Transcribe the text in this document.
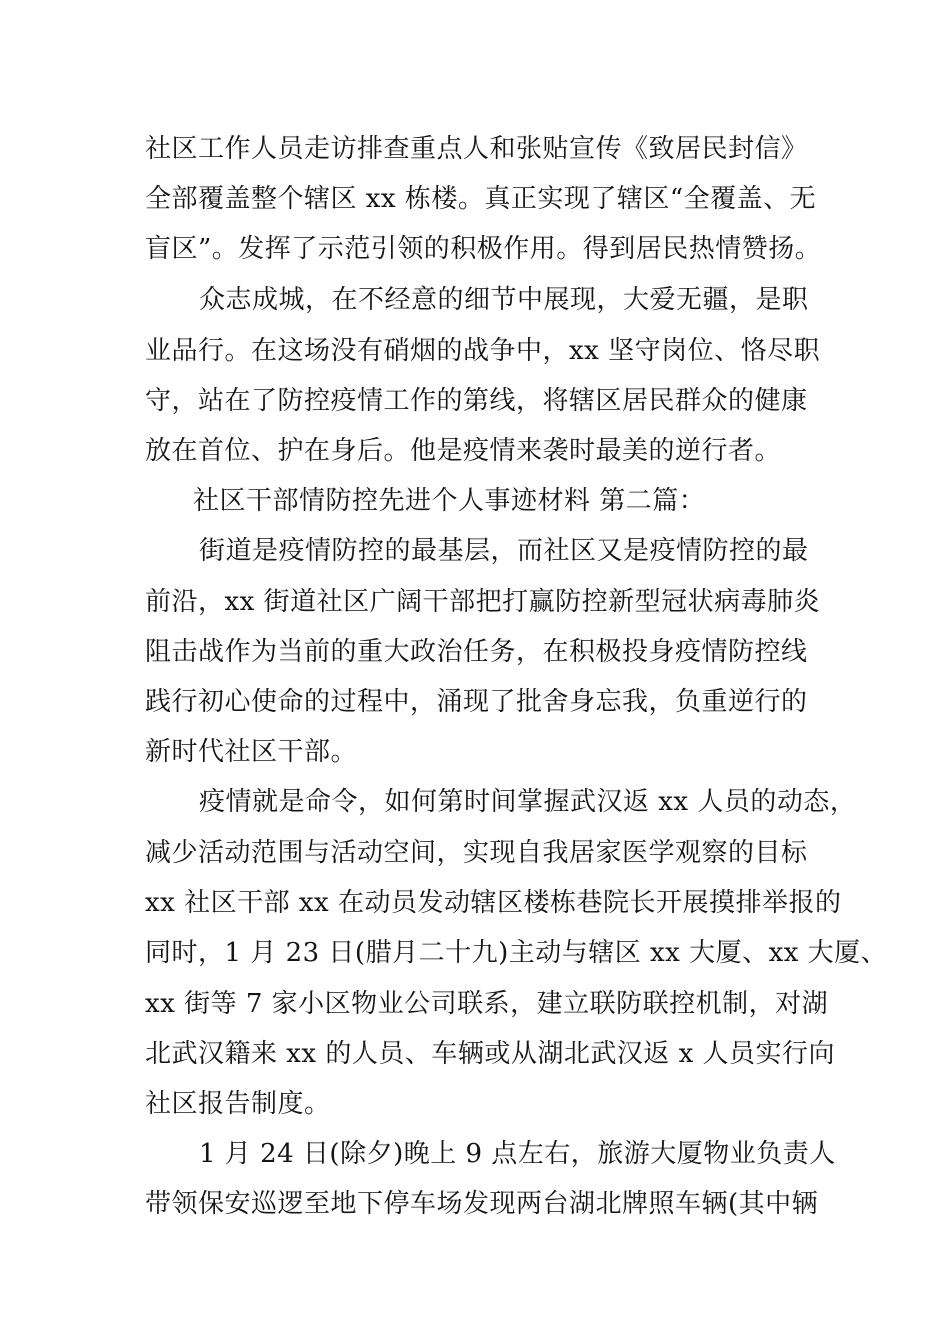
社区工作人员走访排查重点人和张贴宣传《致居民封信》
全部覆盖整个辖区 xx 栋楼。真正实现了辖区“全覆盖、无
盲区”。发挥了示范引领的积极作用。得到居民热情赞扬。
众志成城，在不经意的细节中展现，大爱无疆，是职
业品行。在这场没有硝烟的战争中，xx 坚守岗位、恪尽职
守，站在了防控疫情工作的第线，将辖区居民群众的健康
放在首位、护在身后。他是疫情来袭时最美的逆行者。
社区干部情防控先进个人事迹材料 第二篇：
街道是疫情防控的最基层，而社区又是疫情防控的最
前沿，xx 街道社区广阔干部把打赢防控新型冠状病毒肺炎
阻击战作为当前的重大政治任务，在积极投身疫情防控线
践行初心使命的过程中，涌现了批舍身忘我，负重逆行的
新时代社区干部。
疫情就是命令，如何第时间掌握武汉返 xx 人员的动态，
减少活动范围与活动空间，实现自我居家医学观察的目标
xx 社区干部 xx 在动员发动辖区楼栋巷院长开展摸排举报的
同时，1 月 23 日(腊月二十九)主动与辖区 xx 大厦、xx 大厦、
xx 街等 7 家小区物业公司联系，建立联防联控机制，对湖
北武汉籍来 xx 的人员、车辆或从湖北武汉返 x 人员实行向
社区报告制度。
1 月 24 日(除夕)晚上 9 点左右，旅游大厦物业负责人
带领保安巡逻至地下停车场发现两台湖北牌照车辆(其中辆
